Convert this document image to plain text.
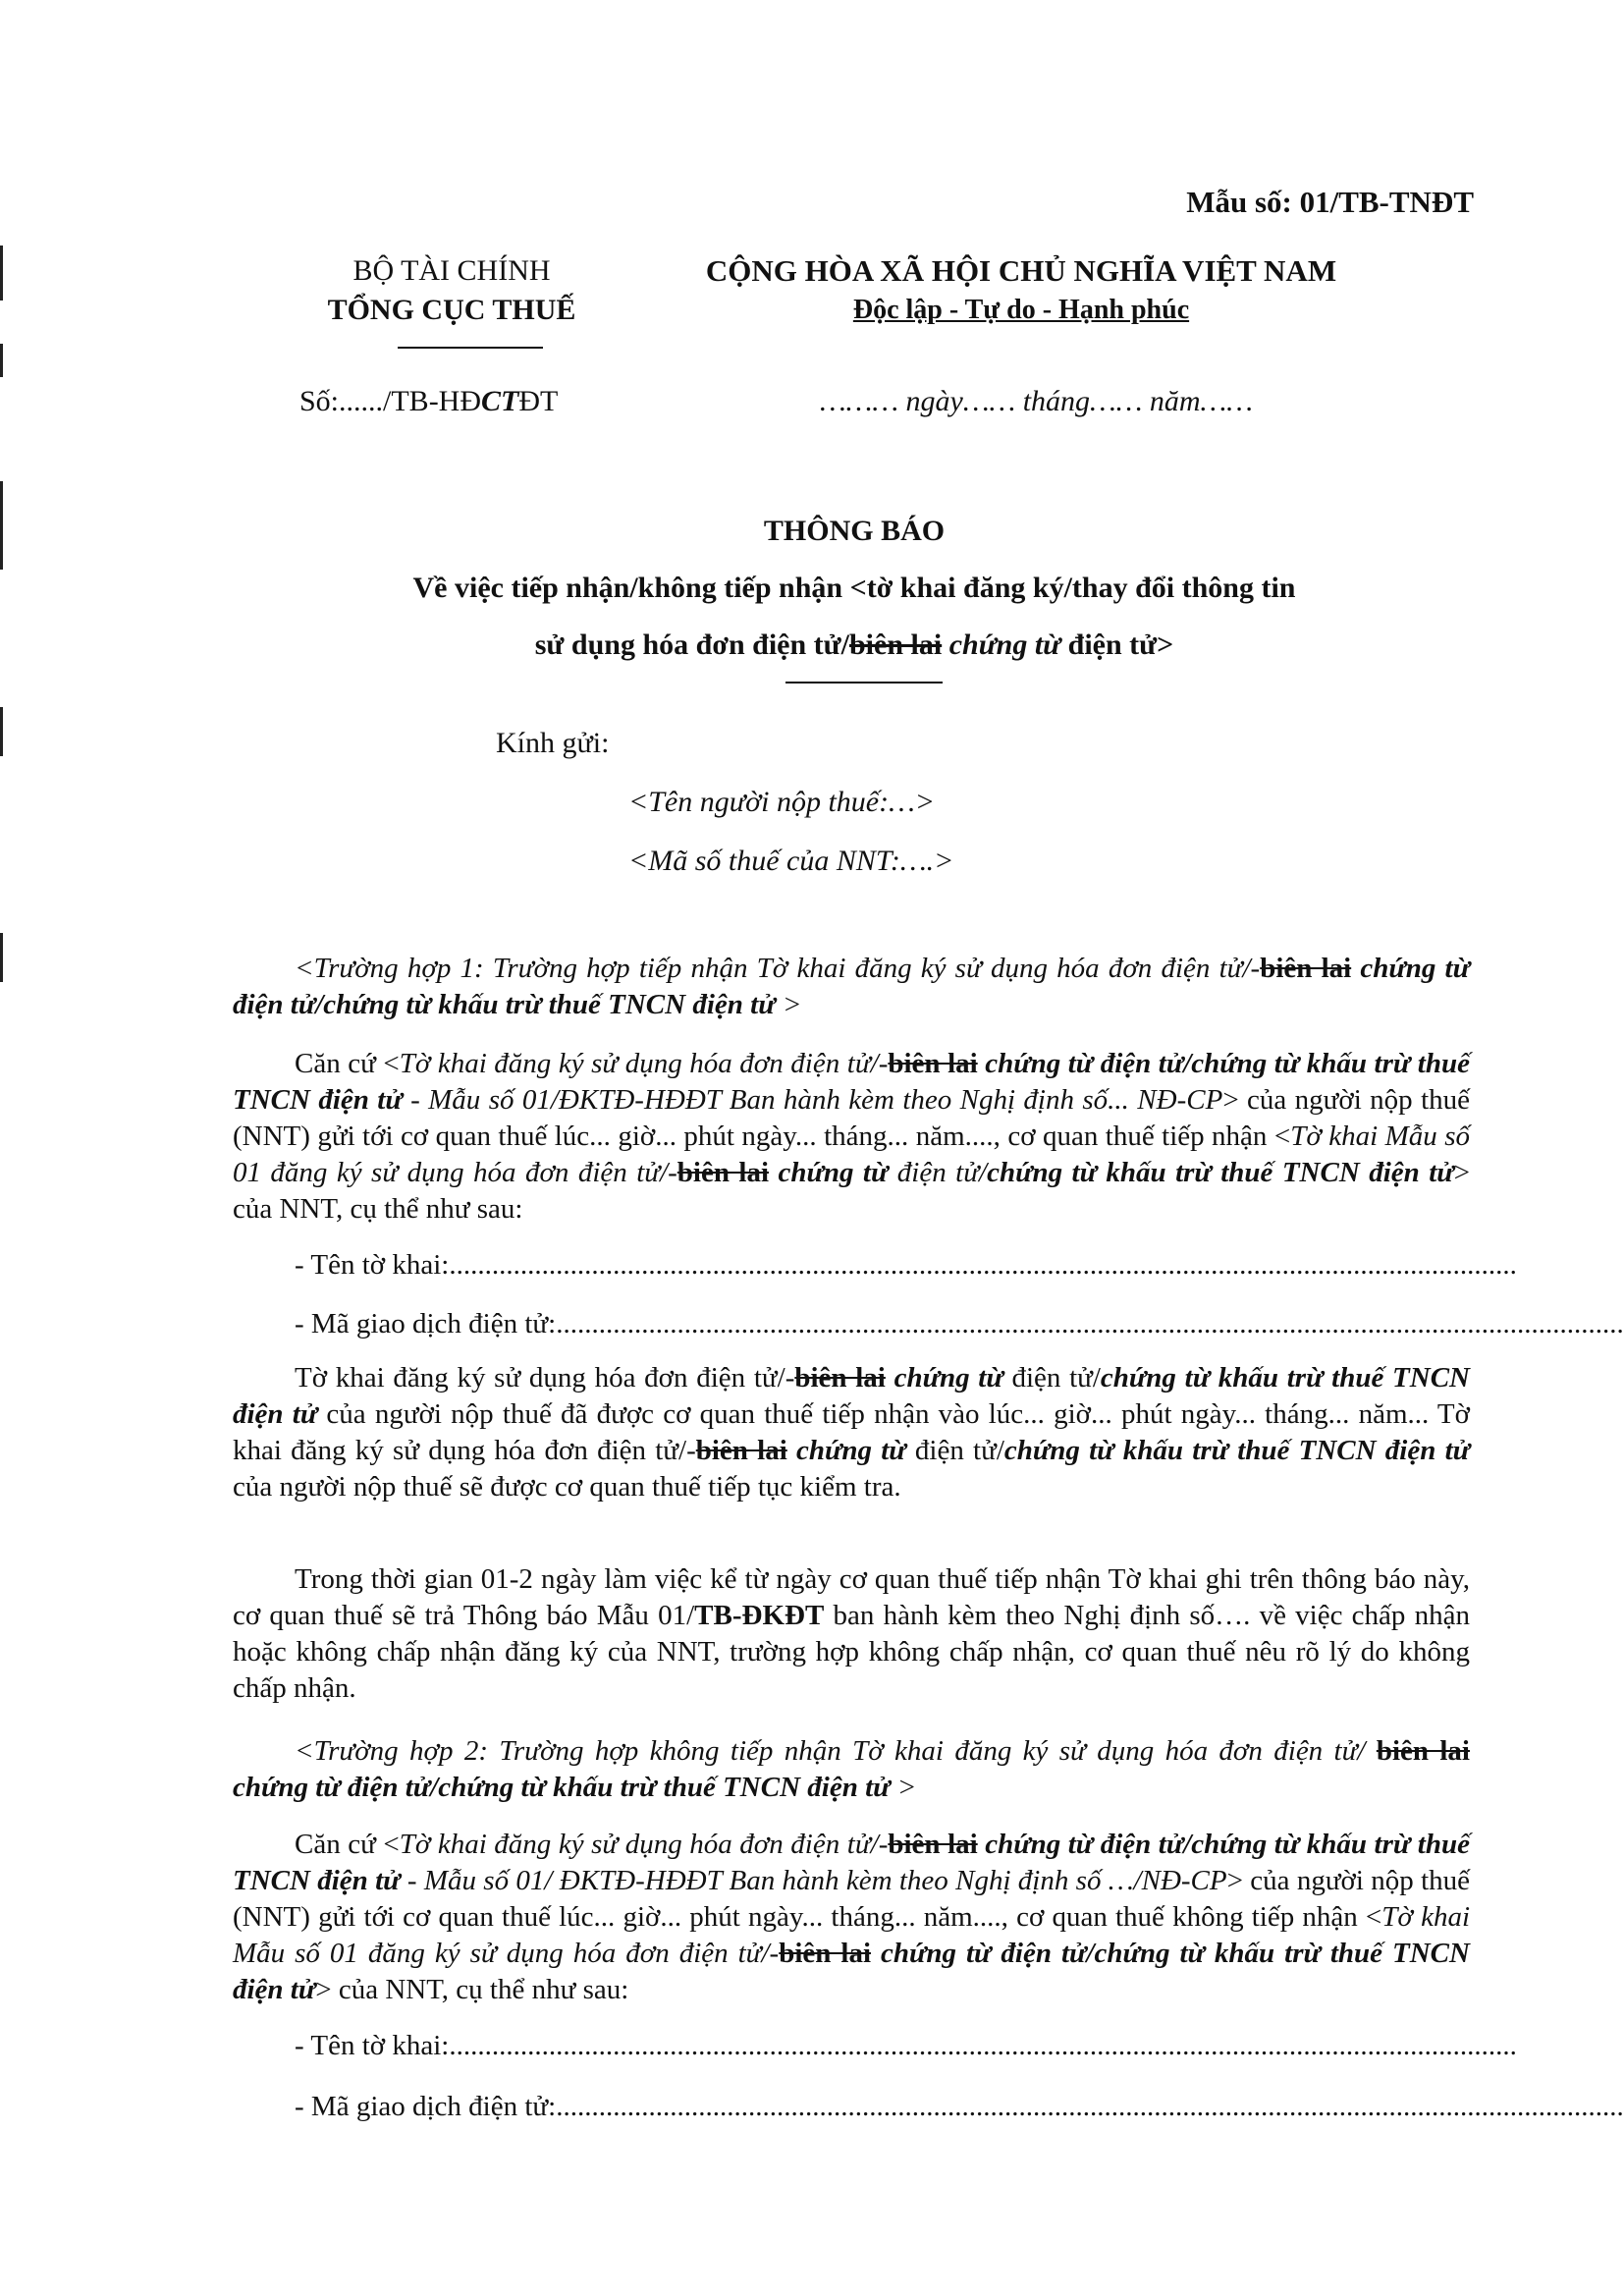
Mẫu số: 01/TB-TNĐT
BỘ TÀI CHÍNH
TỔNG CỤC THUẾ
CỘNG HÒA XÃ HỘI CHỦ NGHĨA VIỆT NAM
Độc lập - Tự do - Hạnh phúc
Số:....../TB-HĐCTĐT	……… ngày…… tháng…… năm……
THÔNG BÁO
Về việc tiếp nhận/không tiếp nhận <tờ khai đăng ký/thay đổi thông tin
sử dụng hóa đơn điện tử/biên lai chứng từ điện tử>
Kính gửi:
<Tên người nộp thuế:…>
<Mã số thuế của NNT:….>
<Trường hợp 1: Trường hợp tiếp nhận Tờ khai đăng ký sử dụng hóa đơn điện tử/-biên lai chứng từ điện tử/chứng từ khấu trừ thuế TNCN điện tử >
Căn cứ <Tờ khai đăng ký sử dụng hóa đơn điện tử/-biên lai chứng từ điện tử/chứng từ khấu trừ thuế TNCN điện tử - Mẫu số 01/ĐKTĐ-HĐĐT Ban hành kèm theo Nghị định số... NĐ-CP> của người nộp thuế (NNT) gửi tới cơ quan thuế lúc... giờ... phút ngày... tháng... năm...., cơ quan thuế tiếp nhận <Tờ khai Mẫu số 01 đăng ký sử dụng hóa đơn điện tử/-biên lai chứng từ điện tử/chứng từ khấu trừ thuế TNCN điện tử> của NNT, cụ thể như sau:
- Tên tờ khai:......................................................................................................................................................
- Mã giao dịch điện tử:......................................................................................................................................................
Tờ khai đăng ký sử dụng hóa đơn điện tử/-biên lai chứng từ điện tử/chứng từ khấu trừ thuế TNCN điện tử của người nộp thuế đã được cơ quan thuế tiếp nhận vào lúc... giờ... phút ngày... tháng... năm... Tờ khai đăng ký sử dụng hóa đơn điện tử/-biên lai chứng từ điện tử/chứng từ khấu trừ thuế TNCN điện tử của người nộp thuế sẽ được cơ quan thuế tiếp tục kiểm tra.
Trong thời gian 01-2 ngày làm việc kể từ ngày cơ quan thuế tiếp nhận Tờ khai ghi trên thông báo này, cơ quan thuế sẽ trả Thông báo Mẫu 01/TB-ĐKĐT ban hành kèm theo Nghị định số…. về việc chấp nhận hoặc không chấp nhận đăng ký của NNT, trường hợp không chấp nhận, cơ quan thuế nêu rõ lý do không chấp nhận.
<Trường hợp 2: Trường hợp không tiếp nhận Tờ khai đăng ký sử dụng hóa đơn điện tử/ biên lai chứng từ điện tử/chứng từ khấu trừ thuế TNCN điện tử >
Căn cứ <Tờ khai đăng ký sử dụng hóa đơn điện tử/-biên lai chứng từ điện tử/chứng từ khấu trừ thuế TNCN điện tử - Mẫu số 01/ ĐKTĐ-HĐĐT Ban hành kèm theo Nghị định số …/NĐ-CP> của người nộp thuế (NNT) gửi tới cơ quan thuế lúc... giờ... phút ngày... tháng... năm...., cơ quan thuế không tiếp nhận <Tờ khai Mẫu số 01 đăng ký sử dụng hóa đơn điện tử/-biên lai chứng từ điện tử/chứng từ khấu trừ thuế TNCN điện tử> của NNT, cụ thể như sau:
- Tên tờ khai:......................................................................................................................................................
- Mã giao dịch điện tử:......................................................................................................................................................
